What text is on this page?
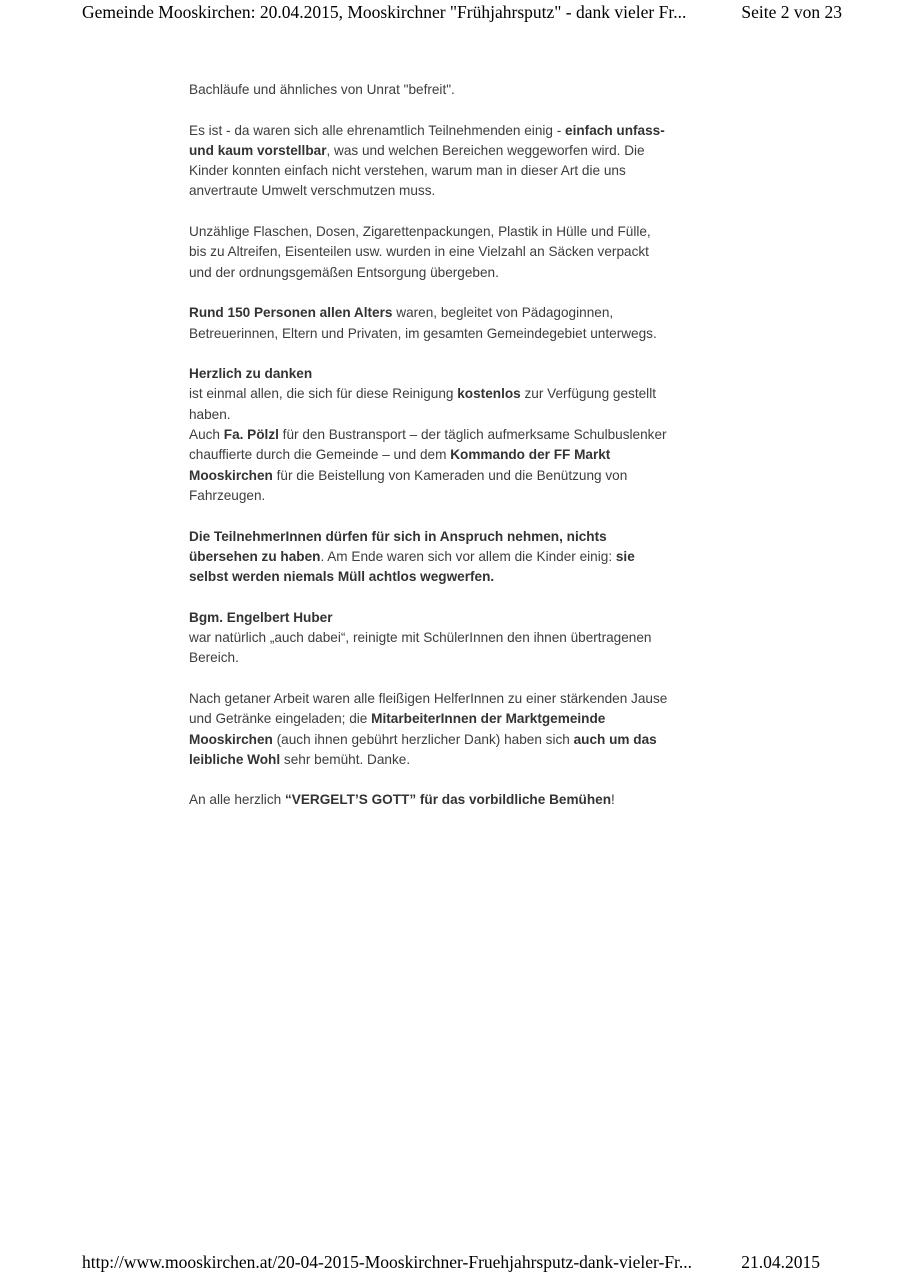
Gemeinde Mooskirchen: 20.04.2015, Mooskirchner "Frühjahrsputz" - dank vieler Fr...	Seite 2 von 23

Bachläufe und ähnliches von Unrat "befreit".

Es ist - da waren sich alle ehrenamtlich Teilnehmenden einig - einfach unfass-
und kaum vorstellbar, was und welchen Bereichen weggeworfen wird. Die
Kinder konnten einfach nicht verstehen, warum man in dieser Art die uns
anvertraute Umwelt verschmutzen muss.

Unzählige Flaschen, Dosen, Zigarettenpackungen, Plastik in Hülle und Fülle,
bis zu Altreifen, Eisenteilen usw. wurden in eine Vielzahl an Säcken verpackt
und der ordnungsgemäßen Entsorgung übergeben.

Rund 150 Personen allen Alters waren, begleitet von Pädagoginnen,
Betreuerinnen, Eltern und Privaten, im gesamten Gemeindegebiet unterwegs.

Herzlich zu danken
ist einmal allen, die sich für diese Reinigung kostenlos zur Verfügung gestellt
haben.
Auch Fa. Pölzl für den Bustransport – der täglich aufmerksame Schulbuslenker
chauffierte durch die Gemeinde – und dem Kommando der FF Markt
Mooskirchen für die Beistellung von Kameraden und die Benützung von
Fahrzeugen.

Die TeilnehmerInnen dürfen für sich in Anspruch nehmen, nichts
übersehen zu haben. Am Ende waren sich vor allem die Kinder einig: sie
selbst werden niemals Müll achtlos wegwerfen.

Bgm. Engelbert Huber
war natürlich „auch dabei“, reinigte mit SchülerInnen den ihnen übertragenen
Bereich.

Nach getaner Arbeit waren alle fleißigen HelferInnen zu einer stärkenden Jause
und Getränke eingeladen; die MitarbeiterInnen der Marktgemeinde
Mooskirchen (auch ihnen gebührt herzlicher Dank) haben sich auch um das
leibliche Wohl sehr bemüht. Danke.

An alle herzlich “VERGELT’S GOTT” für das vorbildliche Bemühen!

http://www.mooskirchen.at/20-04-2015-Mooskirchner-Fruehjahrsputz-dank-vieler-Fr...	21.04.2015
